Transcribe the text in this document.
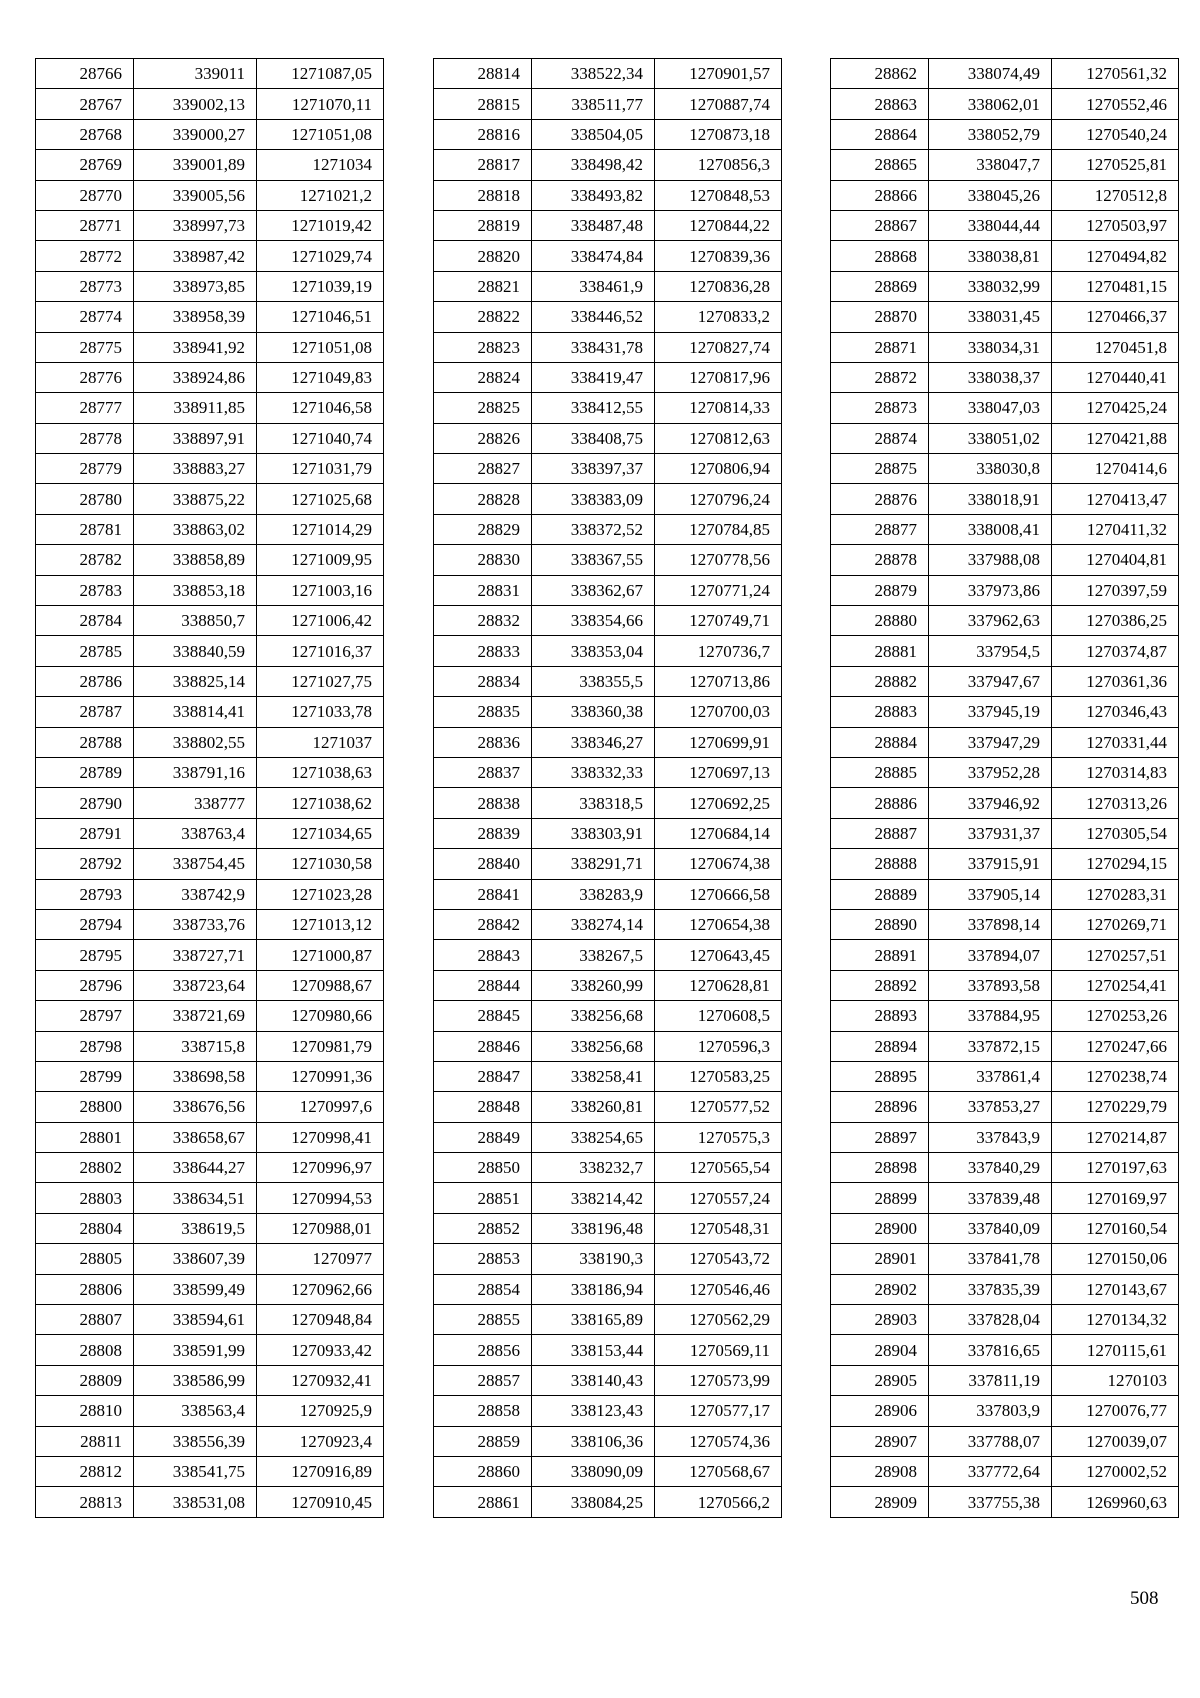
28766	339011	1271087,05
28767	339002,13	1271070,11
28768	339000,27	1271051,08
28769	339001,89	1271034
28770	339005,56	1271021,2
28771	338997,73	1271019,42
28772	338987,42	1271029,74
28773	338973,85	1271039,19
28774	338958,39	1271046,51
28775	338941,92	1271051,08
28776	338924,86	1271049,83
28777	338911,85	1271046,58
28778	338897,91	1271040,74
28779	338883,27	1271031,79
28780	338875,22	1271025,68
28781	338863,02	1271014,29
28782	338858,89	1271009,95
28783	338853,18	1271003,16
28784	338850,7	1271006,42
28785	338840,59	1271016,37
28786	338825,14	1271027,75
28787	338814,41	1271033,78
28788	338802,55	1271037
28789	338791,16	1271038,63
28790	338777	1271038,62
28791	338763,4	1271034,65
28792	338754,45	1271030,58
28793	338742,9	1271023,28
28794	338733,76	1271013,12
28795	338727,71	1271000,87
28796	338723,64	1270988,67
28797	338721,69	1270980,66
28798	338715,8	1270981,79
28799	338698,58	1270991,36
28800	338676,56	1270997,6
28801	338658,67	1270998,41
28802	338644,27	1270996,97
28803	338634,51	1270994,53
28804	338619,5	1270988,01
28805	338607,39	1270977
28806	338599,49	1270962,66
28807	338594,61	1270948,84
28808	338591,99	1270933,42
28809	338586,99	1270932,41
28810	338563,4	1270925,9
28811	338556,39	1270923,4
28812	338541,75	1270916,89
28813	338531,08	1270910,45
28814	338522,34	1270901,57
28815	338511,77	1270887,74
28816	338504,05	1270873,18
28817	338498,42	1270856,3
28818	338493,82	1270848,53
28819	338487,48	1270844,22
28820	338474,84	1270839,36
28821	338461,9	1270836,28
28822	338446,52	1270833,2
28823	338431,78	1270827,74
28824	338419,47	1270817,96
28825	338412,55	1270814,33
28826	338408,75	1270812,63
28827	338397,37	1270806,94
28828	338383,09	1270796,24
28829	338372,52	1270784,85
28830	338367,55	1270778,56
28831	338362,67	1270771,24
28832	338354,66	1270749,71
28833	338353,04	1270736,7
28834	338355,5	1270713,86
28835	338360,38	1270700,03
28836	338346,27	1270699,91
28837	338332,33	1270697,13
28838	338318,5	1270692,25
28839	338303,91	1270684,14
28840	338291,71	1270674,38
28841	338283,9	1270666,58
28842	338274,14	1270654,38
28843	338267,5	1270643,45
28844	338260,99	1270628,81
28845	338256,68	1270608,5
28846	338256,68	1270596,3
28847	338258,41	1270583,25
28848	338260,81	1270577,52
28849	338254,65	1270575,3
28850	338232,7	1270565,54
28851	338214,42	1270557,24
28852	338196,48	1270548,31
28853	338190,3	1270543,72
28854	338186,94	1270546,46
28855	338165,89	1270562,29
28856	338153,44	1270569,11
28857	338140,43	1270573,99
28858	338123,43	1270577,17
28859	338106,36	1270574,36
28860	338090,09	1270568,67
28861	338084,25	1270566,2
28862	338074,49	1270561,32
28863	338062,01	1270552,46
28864	338052,79	1270540,24
28865	338047,7	1270525,81
28866	338045,26	1270512,8
28867	338044,44	1270503,97
28868	338038,81	1270494,82
28869	338032,99	1270481,15
28870	338031,45	1270466,37
28871	338034,31	1270451,8
28872	338038,37	1270440,41
28873	338047,03	1270425,24
28874	338051,02	1270421,88
28875	338030,8	1270414,6
28876	338018,91	1270413,47
28877	338008,41	1270411,32
28878	337988,08	1270404,81
28879	337973,86	1270397,59
28880	337962,63	1270386,25
28881	337954,5	1270374,87
28882	337947,67	1270361,36
28883	337945,19	1270346,43
28884	337947,29	1270331,44
28885	337952,28	1270314,83
28886	337946,92	1270313,26
28887	337931,37	1270305,54
28888	337915,91	1270294,15
28889	337905,14	1270283,31
28890	337898,14	1270269,71
28891	337894,07	1270257,51
28892	337893,58	1270254,41
28893	337884,95	1270253,26
28894	337872,15	1270247,66
28895	337861,4	1270238,74
28896	337853,27	1270229,79
28897	337843,9	1270214,87
28898	337840,29	1270197,63
28899	337839,48	1270169,97
28900	337840,09	1270160,54
28901	337841,78	1270150,06
28902	337835,39	1270143,67
28903	337828,04	1270134,32
28904	337816,65	1270115,61
28905	337811,19	1270103
28906	337803,9	1270076,77
28907	337788,07	1270039,07
28908	337772,64	1270002,52
28909	337755,38	1269960,63
508
